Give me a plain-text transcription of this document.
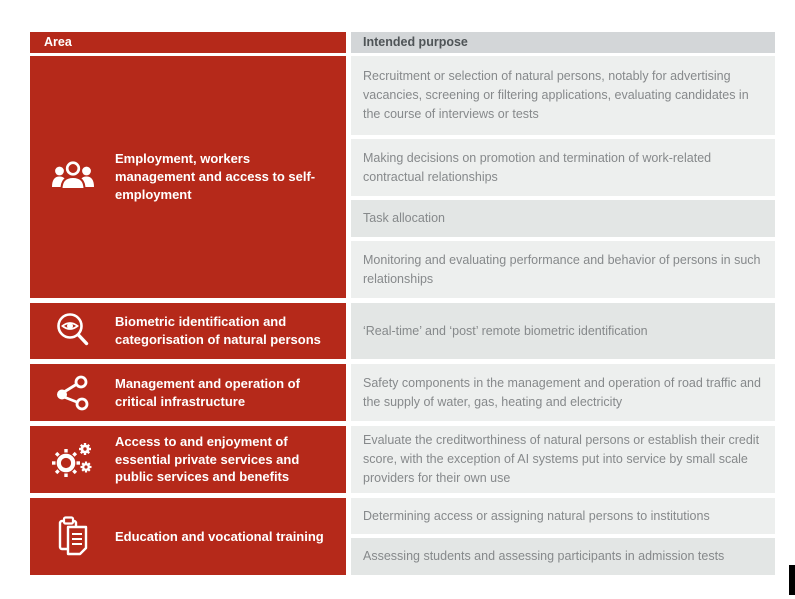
Area	Intended purpose
Employment, workers management and access to self-employment
Recruitment or selection of natural persons, notably for advertising vacancies, screening or filtering applications, evaluating candidates in the course of interviews or tests
Making decisions on promotion and termination of work-related contractual relationships
Task allocation
Monitoring and evaluating performance and behavior of persons in such relationships
Biometric identification and categorisation of natural persons
‘Real-time’ and ‘post’ remote biometric identification
Management and operation of critical infrastructure
Safety components in the management and operation of road traffic and the supply of water, gas, heating and electricity
Access to and enjoyment of essential private services and public services and benefits
Evaluate the creditworthiness of natural persons or establish their credit score, with the exception of AI systems put into service by small scale providers for their own use
Education and vocational training
Determining access or assigning natural persons to institutions
Assessing students and assessing participants in admission tests
